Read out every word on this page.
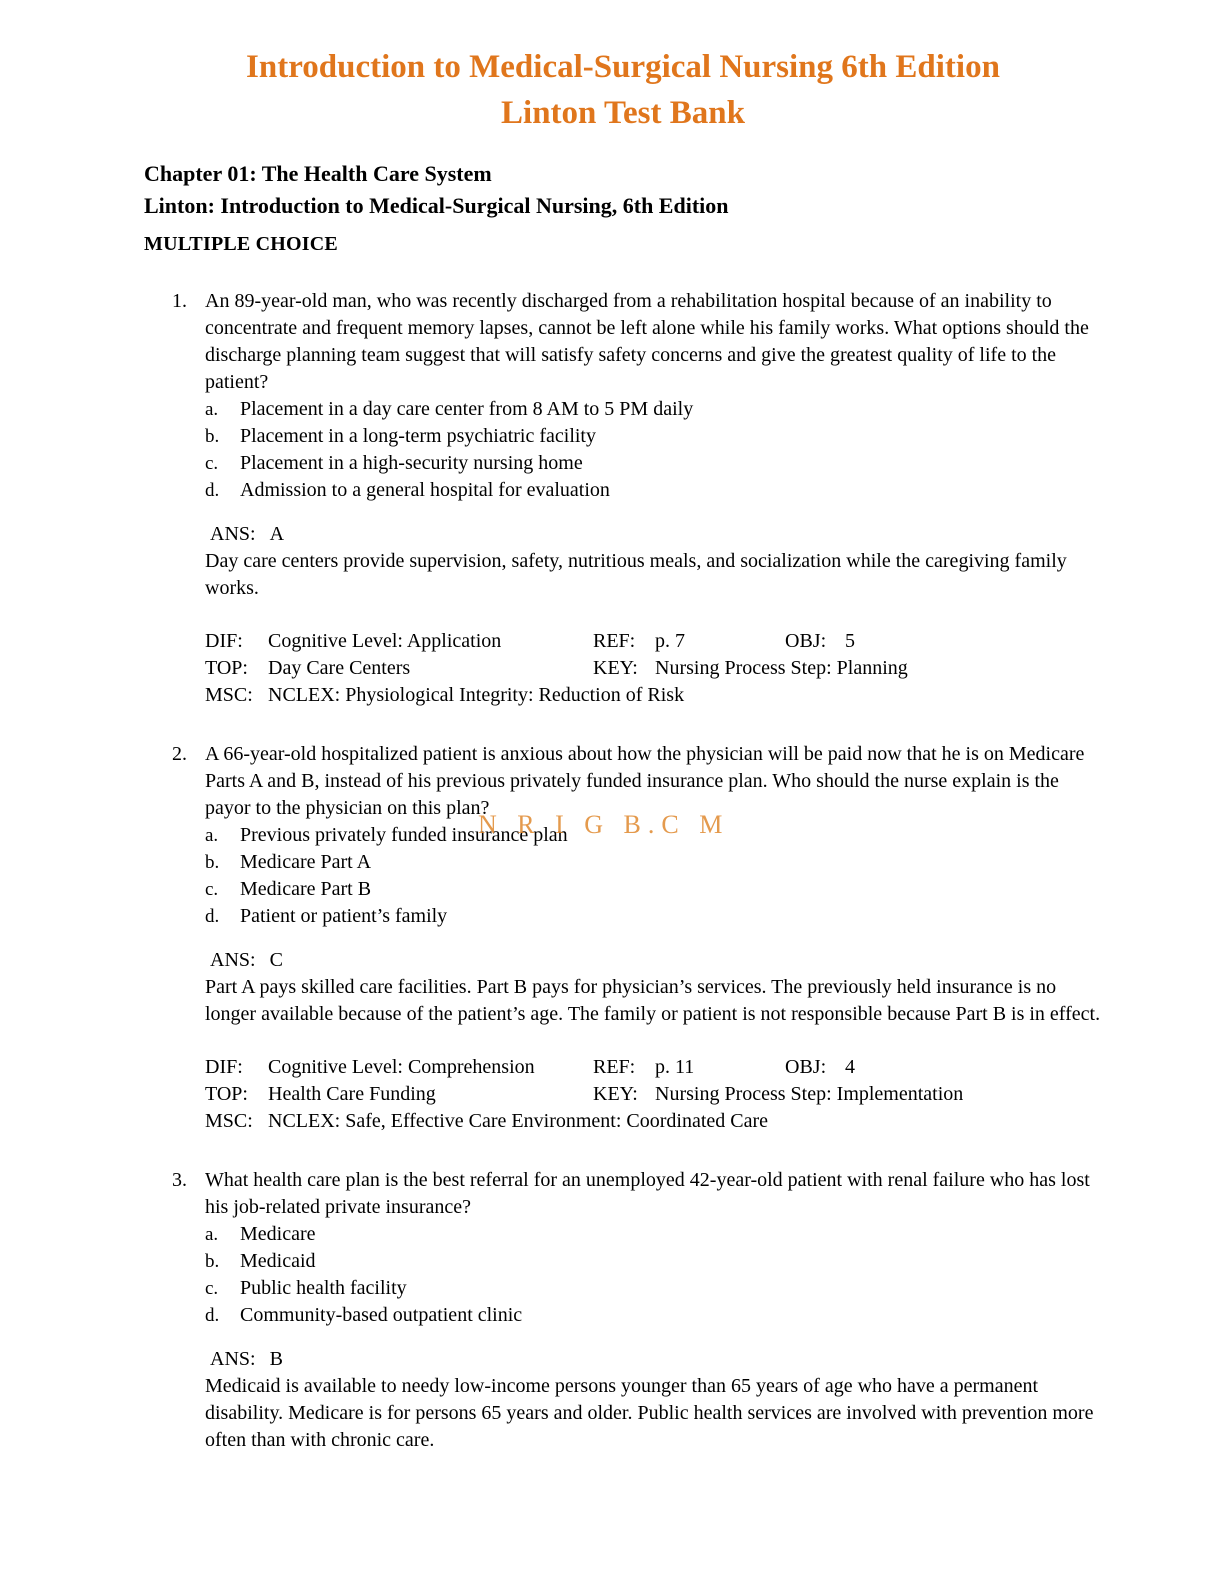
Introduction to Medical-Surgical Nursing 6th Edition
Linton Test Bank
Chapter 01: The Health Care System
Linton: Introduction to Medical-Surgical Nursing, 6th Edition
MULTIPLE CHOICE
1. An 89-year-old man, who was recently discharged from a rehabilitation hospital because of an inability to concentrate and frequent memory lapses, cannot be left alone while his family works. What options should the discharge planning team suggest that will satisfy safety concerns and give the greatest quality of life to the patient?
a.	Placement in a day care center from 8 AM to 5 PM daily
b.	Placement in a long-term psychiatric facility
c.	Placement in a high-security nursing home
d.	Admission to a general hospital for evaluation
ANS: A
Day care centers provide supervision, safety, nutritious meals, and socialization while the caregiving family works.
DIF:	Cognitive Level: Application	REF: p. 7	OBJ: 5
TOP:	Day Care Centers	KEY: Nursing Process Step: Planning
MSC: NCLEX: Physiological Integrity: Reduction of Risk
2. A 66-year-old hospitalized patient is anxious about how the physician will be paid now that he is on Medicare Parts A and B, instead of his previous privately funded insurance plan. Who should the nurse explain is the payor to the physician on this plan?
a.	Previous privately funded insurance plan
b.	Medicare Part A
c.	Medicare Part B
d.	Patient or patient’s family
ANS: C
Part A pays skilled care facilities. Part B pays for physician’s services. The previously held insurance is no longer available because of the patient’s age. The family or patient is not responsible because Part B is in effect.
DIF:	Cognitive Level: Comprehension	REF: p. 11	OBJ: 4
TOP:	Health Care Funding	KEY: Nursing Process Step: Implementation
MSC: NCLEX: Safe, Effective Care Environment: Coordinated Care
3. What health care plan is the best referral for an unemployed 42-year-old patient with renal failure who has lost his job-related private insurance?
a.	Medicare
b.	Medicaid
c.	Public health facility
d.	Community-based outpatient clinic
ANS: B
Medicaid is available to needy low-income persons younger than 65 years of age who have a permanent disability. Medicare is for persons 65 years and older. Public health services are involved with prevention more often than with chronic care.
N R I G B.C M
